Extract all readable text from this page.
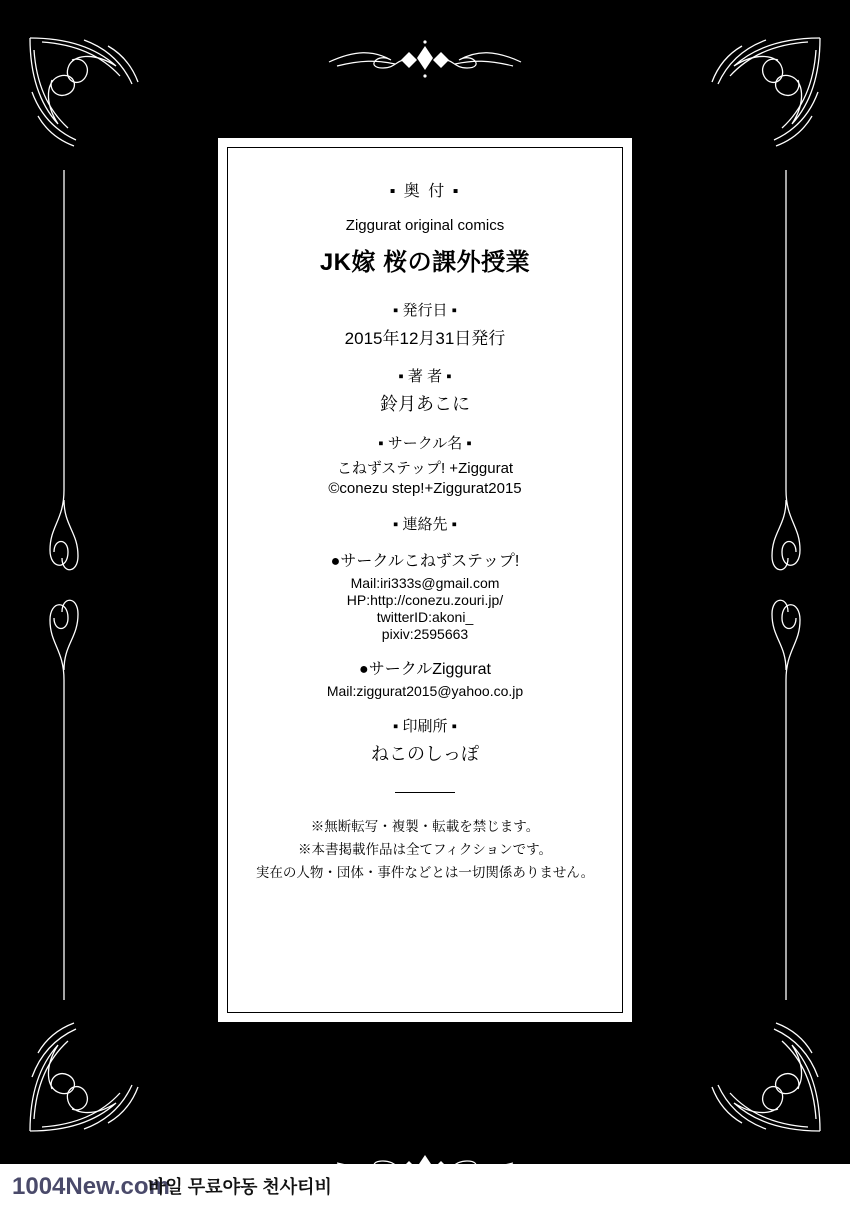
▪ 奥 付 ▪
Ziggurat original comics
JK嫁 桜の課外授業
▪ 発行日 ▪
2015年12月31日発行
▪ 著 者 ▪
鈴月あこに
▪ サークル名 ▪
こねずステップ! +Ziggurat
©conezu step!+Ziggurat2015
▪ 連絡先 ▪
●サークルこねずステップ!
Mail:iri333s@gmail.com
HP:http://conezu.zouri.jp/
twitterID:akoni_
pixiv:2595663
●サークルZiggurat
Mail:ziggurat2015@yahoo.co.jp
▪ 印刷所 ▪
ねこのしっぽ
※無断転写・複製・転載を禁じます。
※本書掲載作品は全てフィクションです。
実在の人物・団体・事件などとは一切関係ありません。
1004New.com
바일 무료야동 천사티비
